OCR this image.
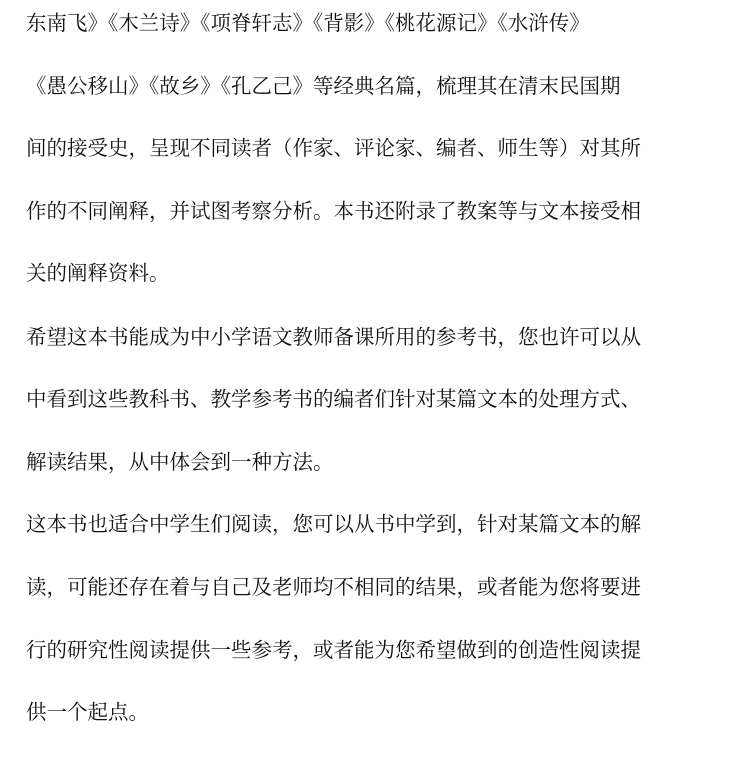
东南飞》《木兰诗》《项脊轩志》《背影》《桃花源记》《水浒传》
《愚公移山》《故乡》《孔乙己》等经典名篇，梳理其在清末民国期
间的接受史，呈现不同读者（作家、评论家、编者、师生等）对其所
作的不同阐释，并试图考察分析。本书还附录了教案等与文本接受相
关的阐释资料。
希望这本书能成为中小学语文教师备课所用的参考书，您也许可以从
中看到这些教科书、教学参考书的编者们针对某篇文本的处理方式、
解读结果，从中体会到一种方法。
这本书也适合中学生们阅读，您可以从书中学到，针对某篇文本的解
读，可能还存在着与自己及老师均不相同的结果，或者能为您将要进
行的研究性阅读提供一些参考，或者能为您希望做到的创造性阅读提
供一个起点。
